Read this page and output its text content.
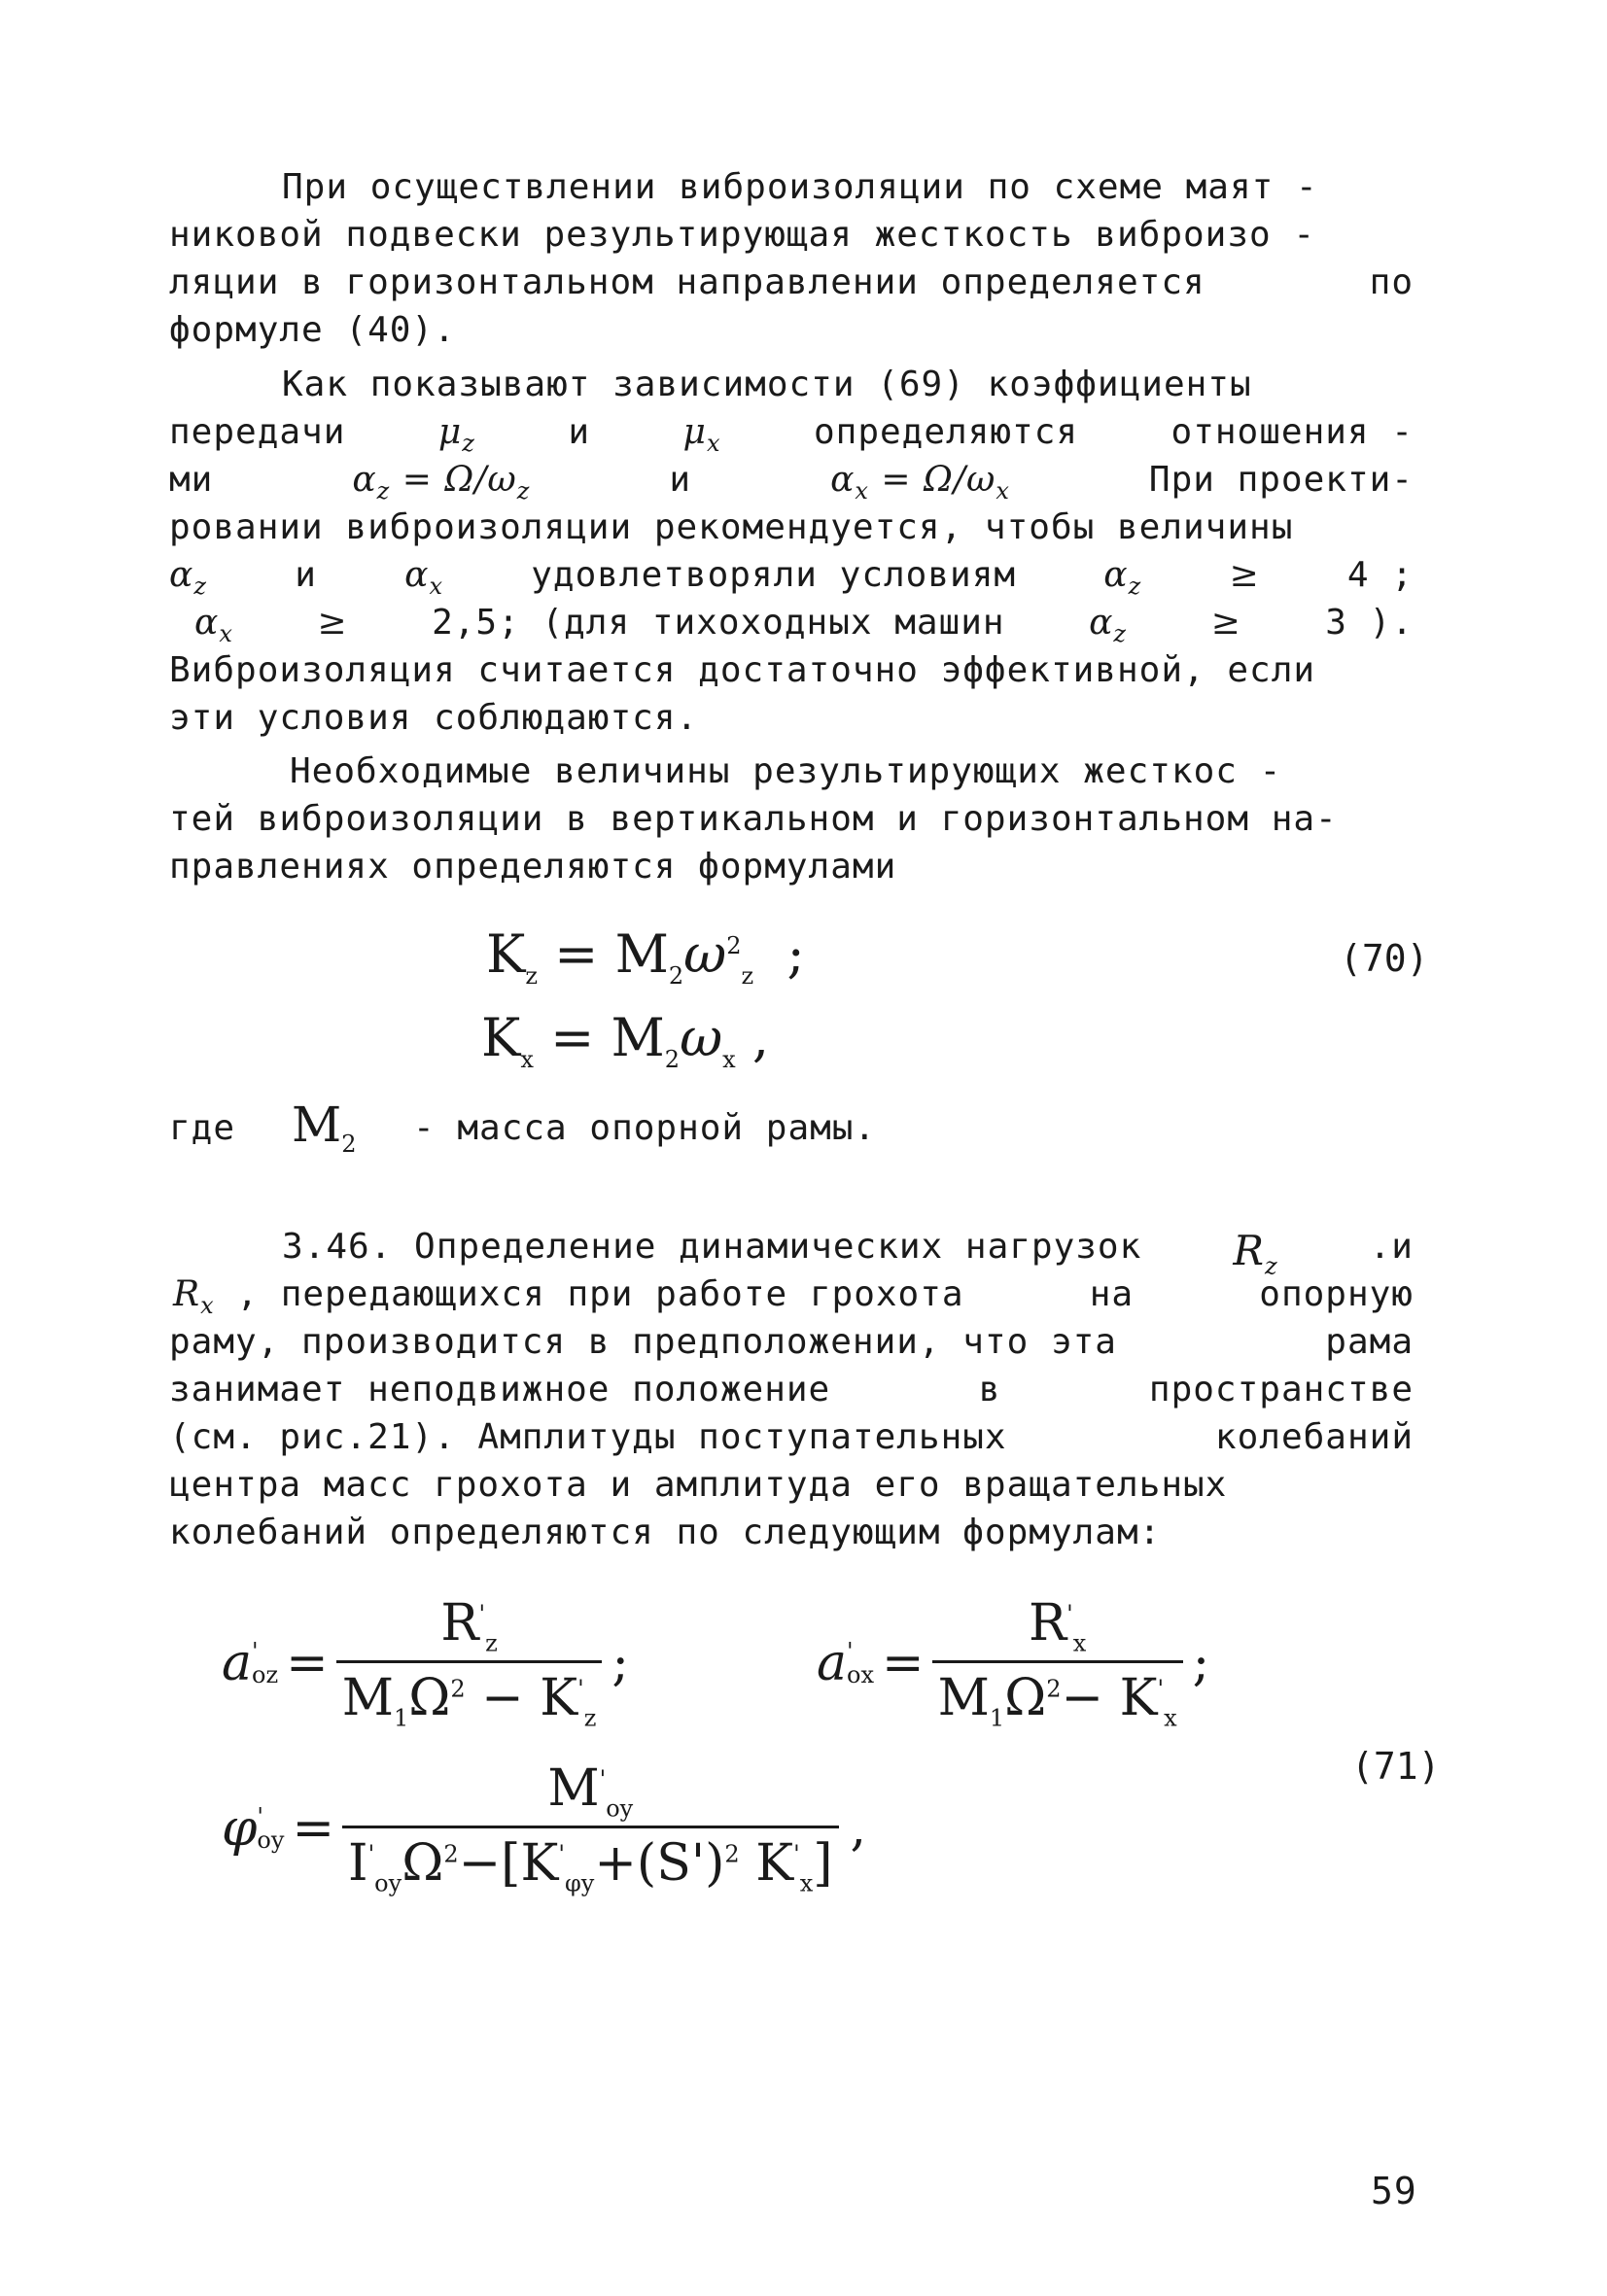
При осуществлении виброизоляции по схеме маят -
никовой подвески результирующая жесткость виброизо -
ляции в горизонтальном направлении определяется	по
формуле (40).
Как показывают зависимости (69) коэффициенты
передачи	$\mu_z$	и	$\mu_x$	определяются	отношения -
ми	$\alpha_z = \Omega/\omega_z$	и	$\alpha_x = \Omega/\omega_x$	При проекти-
ровании виброизоляции рекомендуется, чтобы величины
$\alpha_z$	и	$\alpha_x$	удовлетворяли условиям	$\alpha_z$	≥	4 ;
$\alpha_x \ge 2,5$; (для тихоходных машин $\alpha_z \ge 3$ ).
Виброизоляция считается достаточно эффективной, если
эти условия соблюдаются.
Необходимые величины результирующих жесткос -
тей виброизоляции в вертикальном и горизонтальном на-
правлениях определяются формулами
$K_z = M_2\omega^2_z$ ;	(70)
$K_x = M_2\omega_x$ ,
где $M_2$ - масса опорной рамы.
3.46. Определение динамических нагрузок $R_z$	.и
$R_x$ , передающихся при работе грохота	на	опорную
раму, производится в предположении, что эта	рама
занимает неподвижное положение	в	пространстве
(см. рис.21). Амплитуды поступательных	колебаний
центра масс грохота и амплитуда его вращательных
колебаний определяются по следующим формулам:
a '
oz = $\frac{R'_z}{M_1\Omega^2 - K'_z}$ ;	a '
ox = $\frac{R'_x}{M_1\Omega^2- K'_x}$ ;
(71)
φ '
oy = $\frac{M'_{oy}}{I'_{oy}\Omega^2-[K'_{\varphi y}+(S')^2 K'_x]}$ ,
59
